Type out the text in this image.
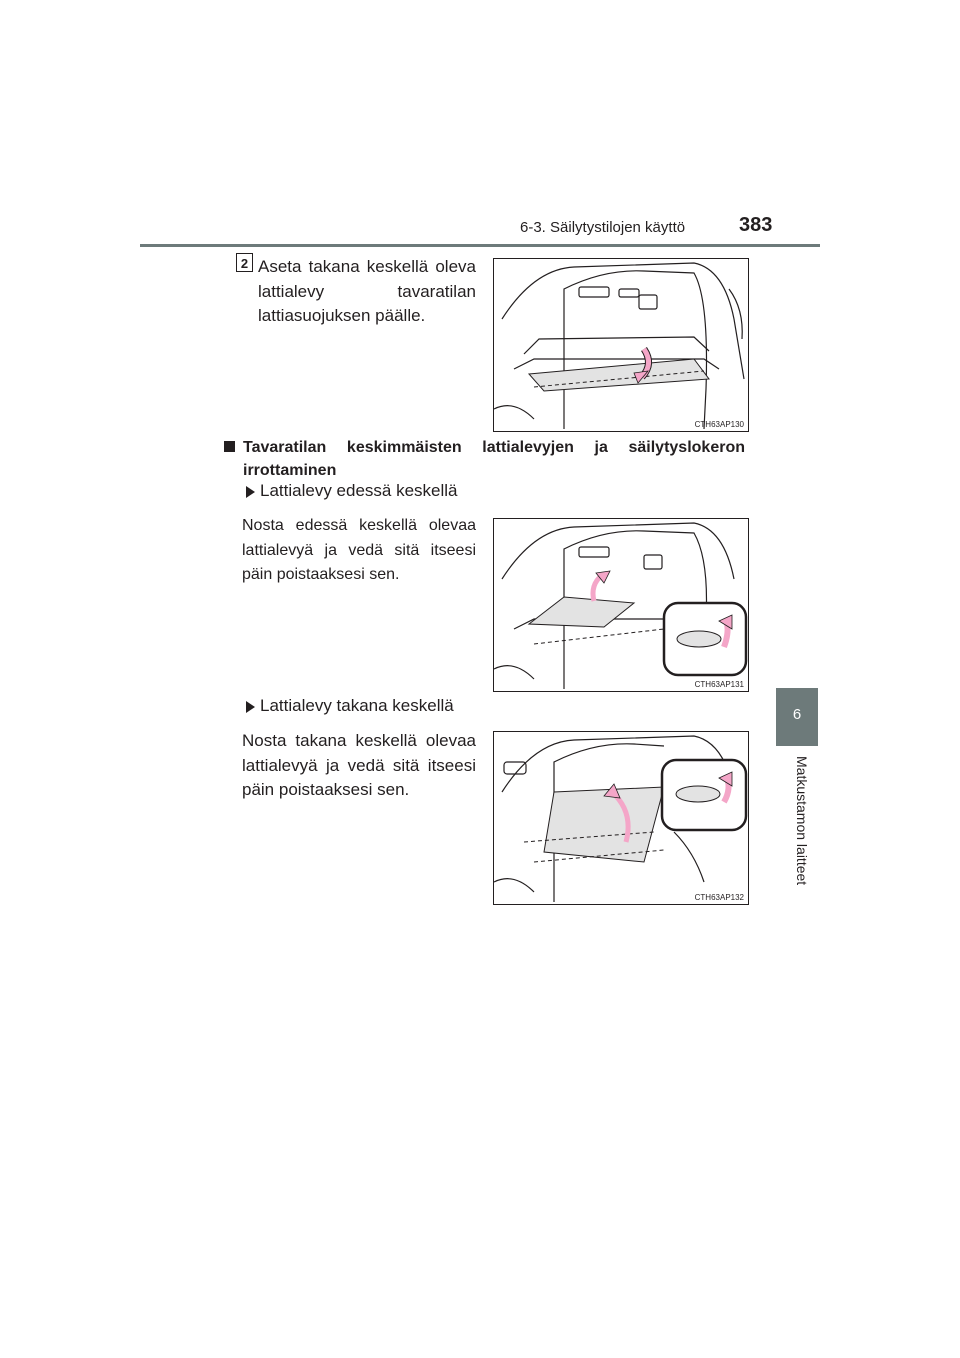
6-3. Säilytystilojen käyttö	383
6
Matkustamon laitteet
2 Aseta takana keskellä oleva lattialevy tavaratilan lattiasuojuksen päälle.
CTH63AP130
Tavaratilan keskimmäisten lattialevyjen ja säilytyslokeron irrottaminen
Lattialevy edessä keskellä
Nosta edessä keskellä olevaa lattialevyä ja vedä sitä itseesi päin poistaaksesi sen.
CTH63AP131
Lattialevy takana keskellä
Nosta takana keskellä olevaa lattialevyä ja vedä sitä itseesi päin poistaaksesi sen.
CTH63AP132
